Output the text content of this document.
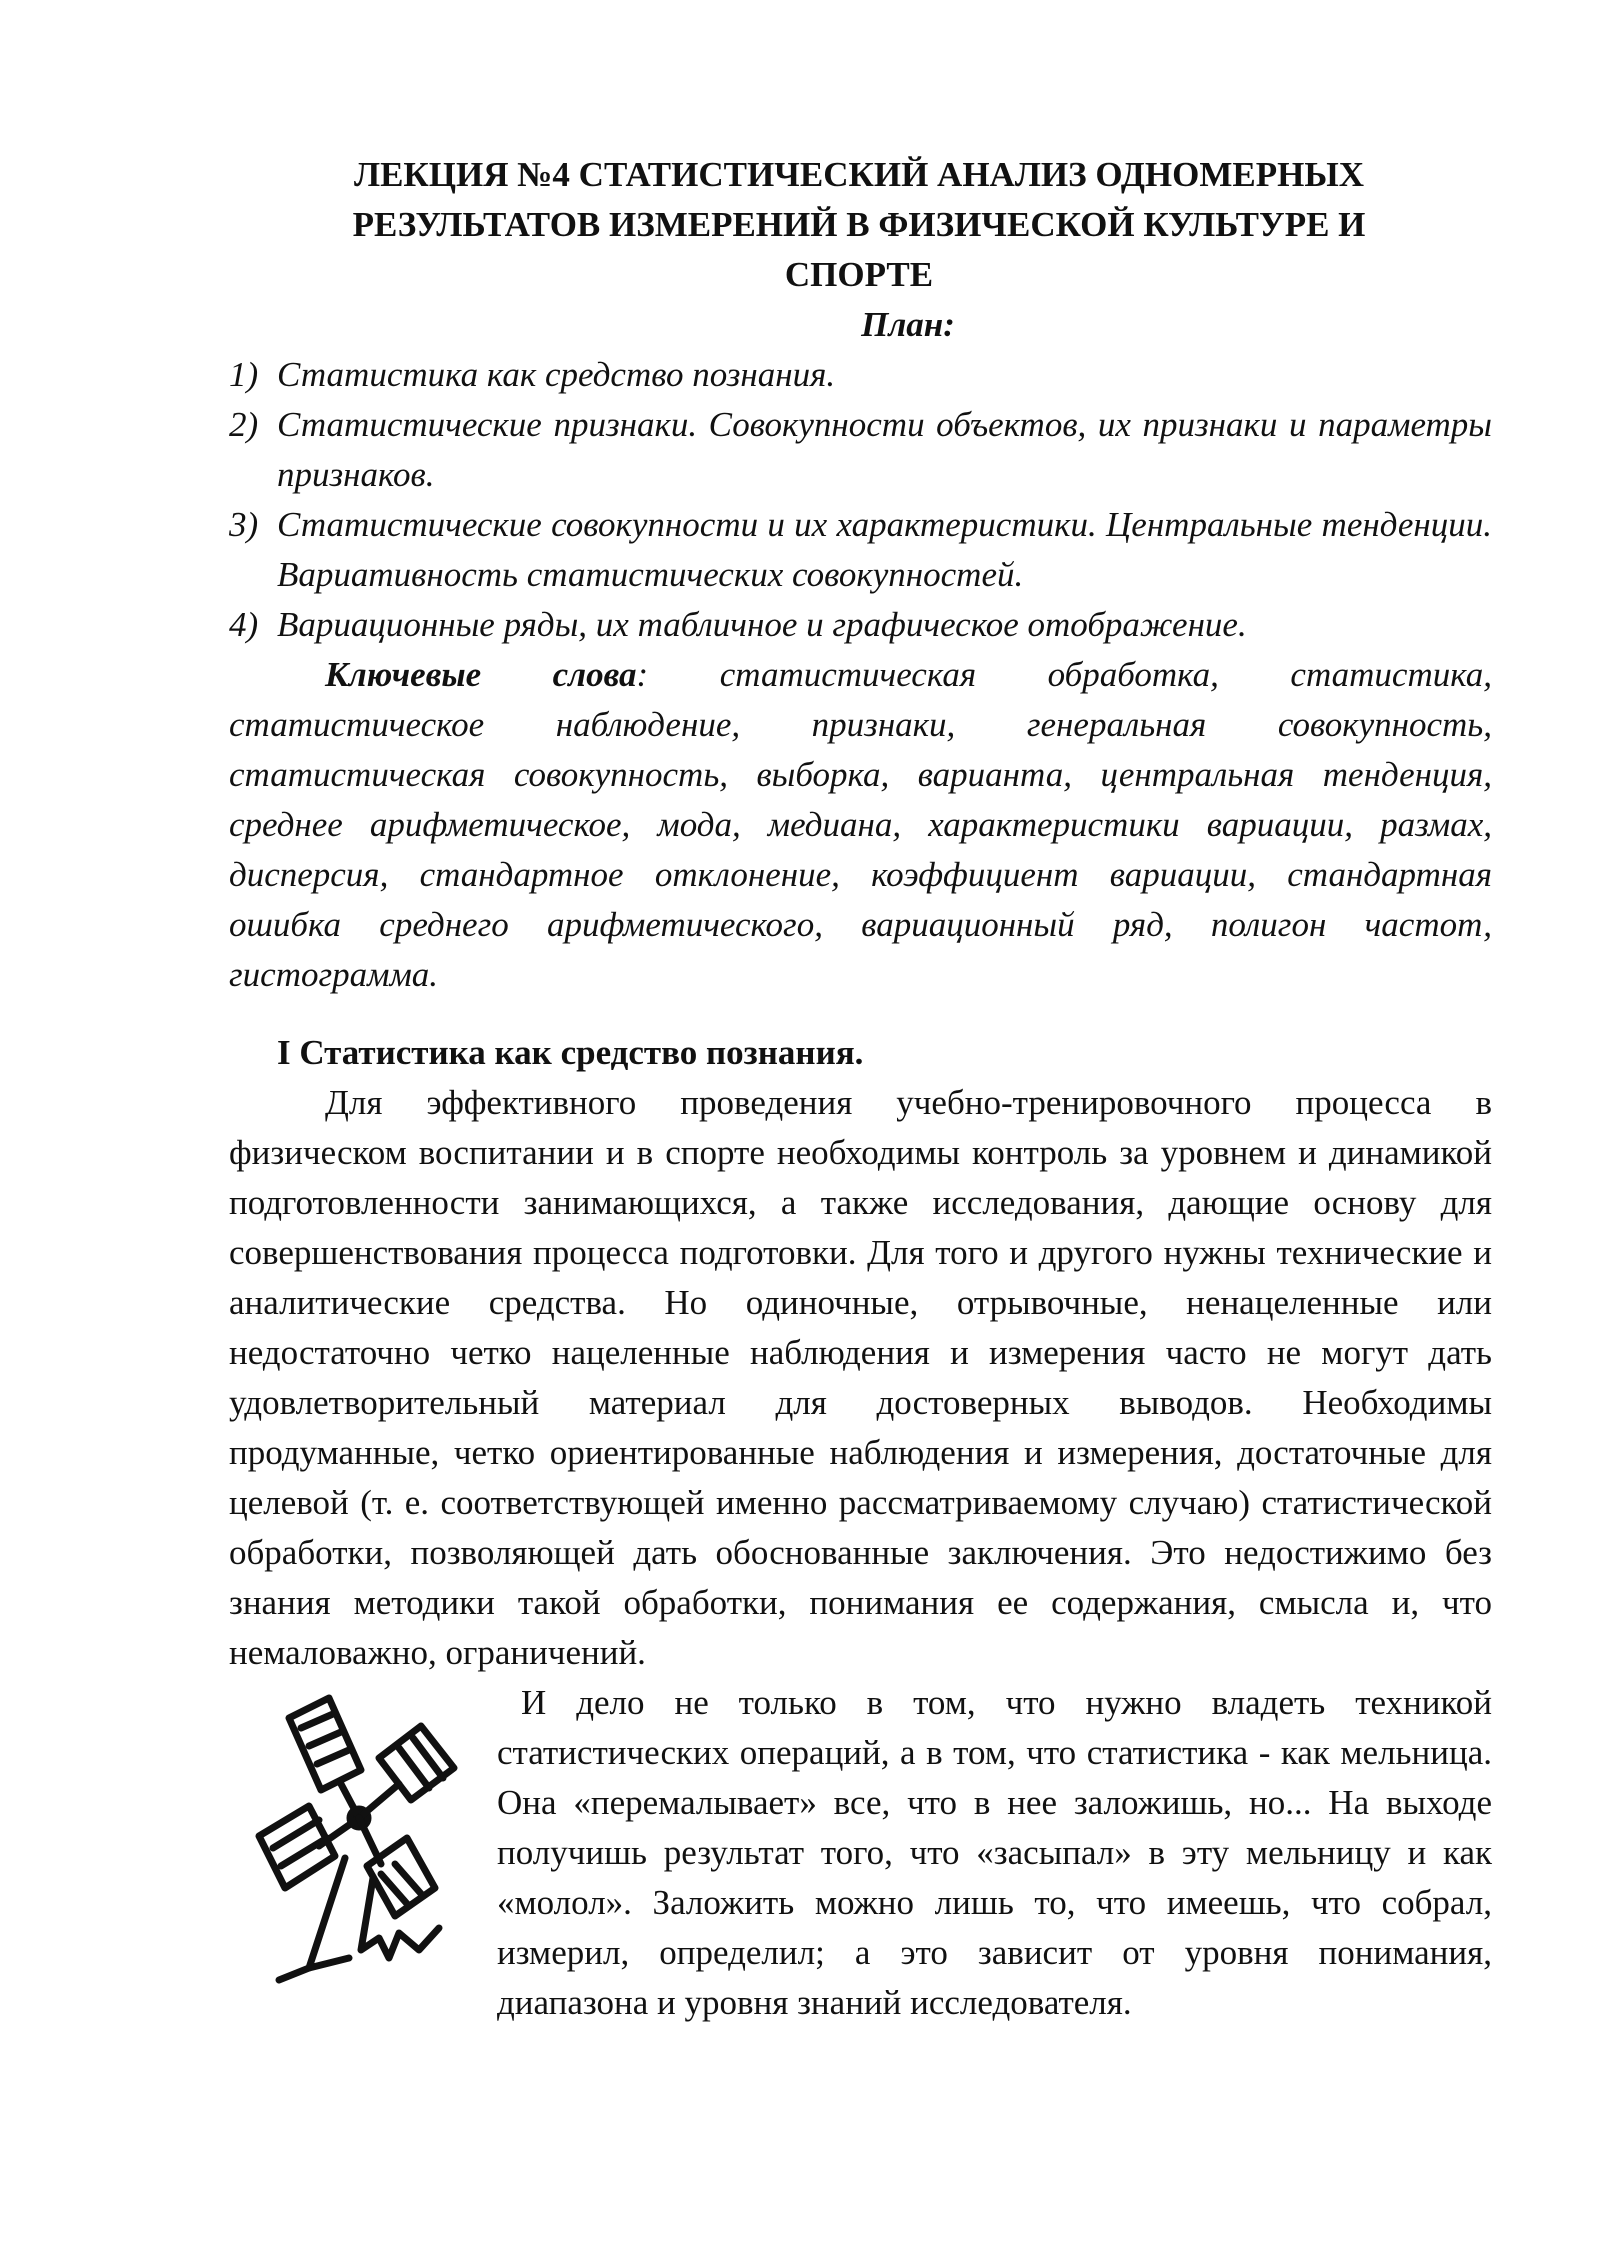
ЛЕКЦИЯ №4 СТАТИСТИЧЕСКИЙ АНАЛИЗ ОДНОМЕРНЫХ РЕЗУЛЬТАТОВ ИЗМЕРЕНИЙ В ФИЗИЧЕСКОЙ КУЛЬТУРЕ И СПОРТЕ
План:
1) Статистика как средство познания.
2) Статистические признаки. Совокупности объектов, их признаки и параметры признаков.
3) Статистические совокупности и их характеристики. Центральные тенденции. Вариативность статистических совокупностей.
4) Вариационные ряды, их табличное и графическое отображение.

Ключевые слова: статистическая обработка, статистика, статистическое наблюдение, признаки, генеральная совокупность, статистическая совокупность, выборка, варианта, центральная тенденция, среднее арифметическое, мода, медиана, характеристики вариации, размах, дисперсия, стандартное отклонение, коэффициент вариации, стандартная ошибка среднего арифметического, вариационный ряд, полигон частот, гистограмма.

I Статистика как средство познания.

Для эффективного проведения учебно-тренировочного процесса в физическом воспитании и в спорте необходимы контроль за уровнем и динамикой подготовленности занимающихся, а также исследования, дающие основу для совершенствования процесса подготовки. Для того и другого нужны технические и аналитические средства. Но одиночные, отрывочные, ненацеленные или недостаточно четко нацеленные наблюдения и измерения часто не могут дать удовлетворительный материал для достоверных выводов. Необходимы продуманные, четко ориентированные наблюдения и измерения, достаточные для целевой (т. е. соответствующей именно рассматриваемому случаю) статистической обработки, позволяющей дать обоснованные заключения. Это недостижимо без знания методики такой обработки, понимания ее содержания, смысла и, что немаловажно, ограничений.

И дело не только в том, что нужно владеть техникой статистических операций, а в том, что статистика - как мельница. Она «перемалывает» все, что в нее заложишь, но... На выходе получишь результат того, что «засыпал» в эту мельницу и как «молол». Заложить можно лишь то, что имеешь, что собрал, измерил, определил; а это зависит от уровня понимания, диапазона и уровня знаний исследователя.
